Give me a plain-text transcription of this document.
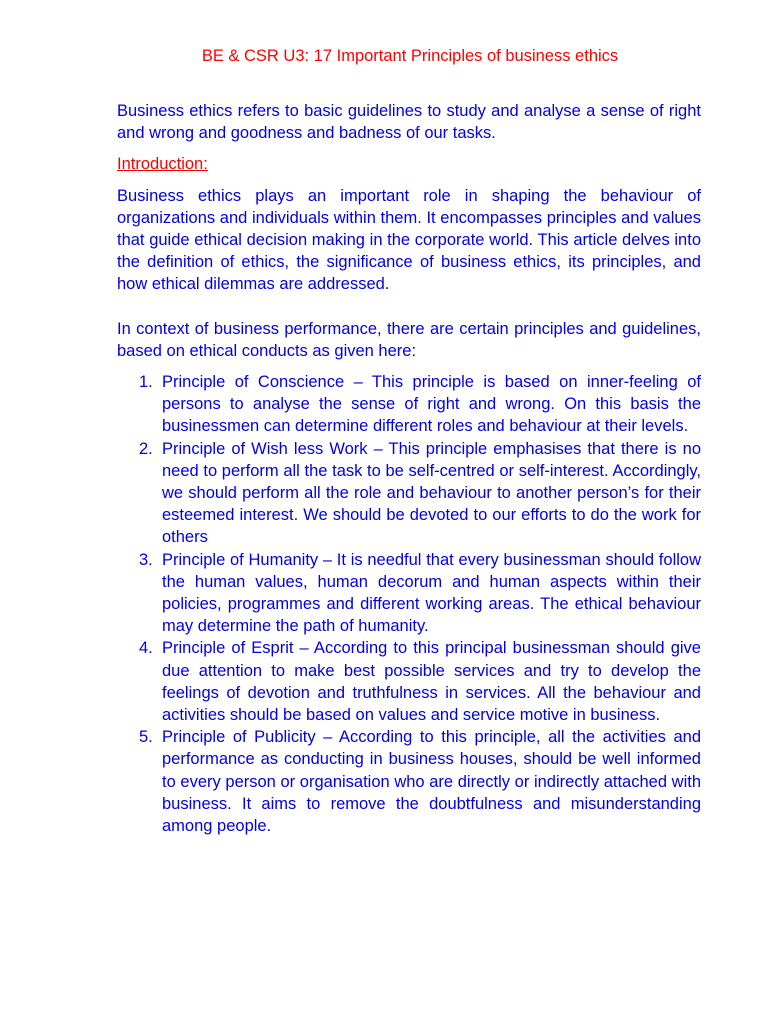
BE & CSR U3: 17 Important Principles of business ethics

Business ethics refers to basic guidelines to study and analyse a sense of right and wrong and goodness and badness of our tasks.

Introduction:

Business ethics plays an important role in shaping the behaviour of organizations and individuals within them. It encompasses principles and values that guide ethical decision making in the corporate world. This article delves into the definition of ethics, the significance of business ethics, its principles, and how ethical dilemmas are addressed.

In context of business performance, there are certain principles and guidelines, based on ethical conducts as given here:

1. Principle of Conscience – This principle is based on inner-feeling of persons to analyse the sense of right and wrong. On this basis the businessmen can determine different roles and behaviour at their levels.
2. Principle of Wish less Work – This principle emphasises that there is no need to perform all the task to be self-centred or self-interest. Accordingly, we should perform all the role and behaviour to another person’s for their esteemed interest. We should be devoted to our efforts to do the work for others
3. Principle of Humanity – It is needful that every businessman should follow the human values, human decorum and human aspects within their policies, programmes and different working areas. The ethical behaviour may determine the path of humanity.
4. Principle of Esprit – According to this principal businessman should give due attention to make best possible services and try to develop the feelings of devotion and truthfulness in services. All the behaviour and activities should be based on values and service motive in business.
5. Principle of Publicity – According to this principle, all the activities and performance as conducting in business houses, should be well informed to every person or organisation who are directly or indirectly attached with business. It aims to remove the doubtfulness and misunderstanding among people.
